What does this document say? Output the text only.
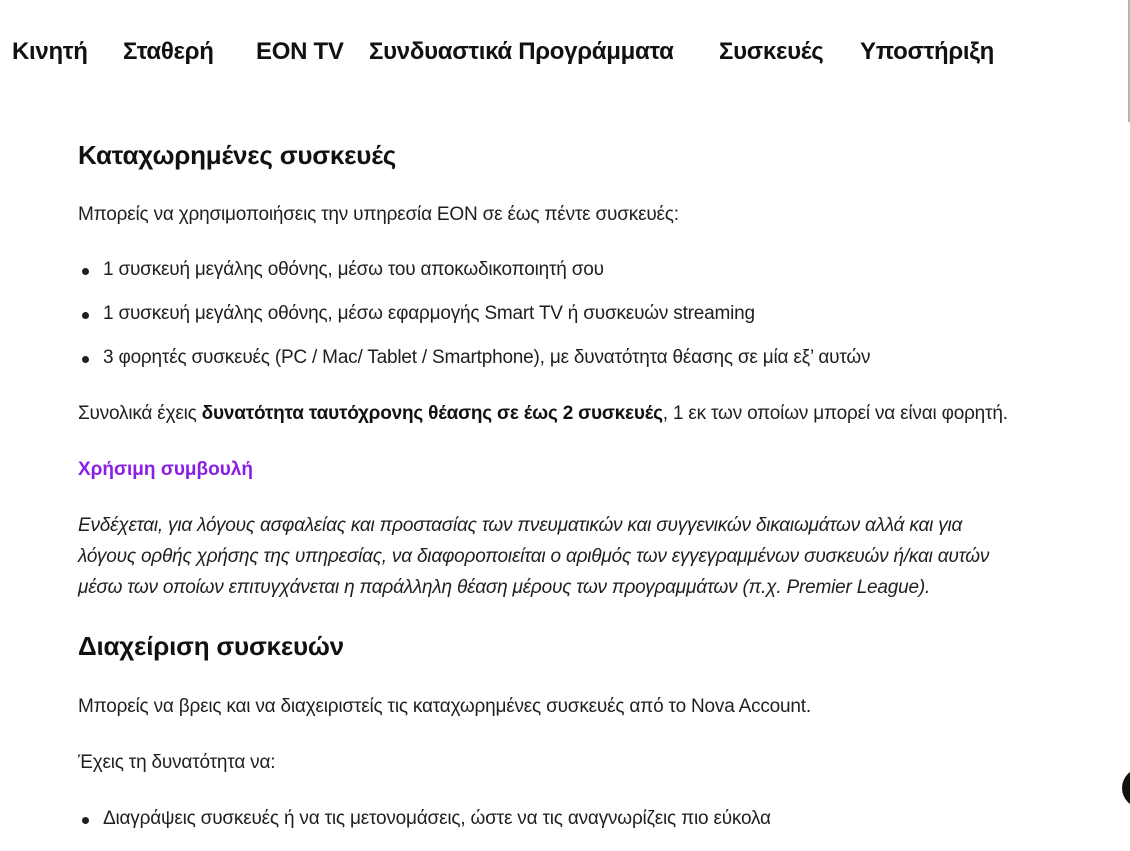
Κινητή Σταθερή EON TV Συνδυαστικά Προγράμματα Συσκευές Υποστήριξη
Καταχωρημένες συσκευές
Μπορείς να χρησιμοποιήσεις την υπηρεσία EON σε έως πέντε συσκευές:
1 συσκευή μεγάλης οθόνης, μέσω του αποκωδικοποιητή σου
1 συσκευή μεγάλης οθόνης, μέσω εφαρμογής Smart TV ή συσκευών streaming
3 φορητές συσκευές (PC / Mac/ Tablet / Smartphone), με δυνατότητα θέασης σε μία εξ’ αυτών
Συνολικά έχεις δυνατότητα ταυτόχρονης θέασης σε έως 2 συσκευές, 1 εκ των οποίων μπορεί να είναι φορητή.
Χρήσιμη συμβουλή
Ενδέχεται, για λόγους ασφαλείας και προστασίας των πνευματικών και συγγενικών δικαιωμάτων αλλά και για
λόγους ορθής χρήσης της υπηρεσίας, να διαφοροποιείται ο αριθμός των εγγεγραμμένων συσκευών ή/και αυτών
μέσω των οποίων επιτυγχάνεται η παράλληλη θέαση μέρους των προγραμμάτων (π.χ. Premier League).
Διαχείριση συσκευών
Μπορείς να βρεις και να διαχειριστείς τις καταχωρημένες συσκευές από το Nova Account.
Έχεις τη δυνατότητα να:
Διαγράψεις συσκευές ή να τις μετονομάσεις, ώστε να τις αναγνωρίζεις πιο εύκολα
